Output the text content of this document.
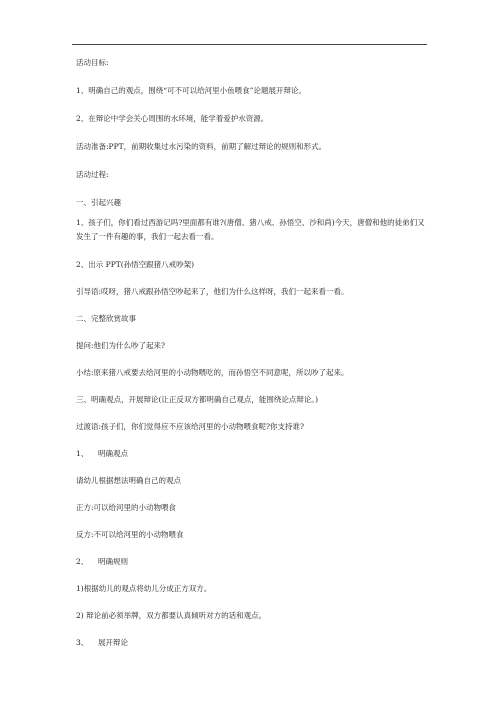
活动目标:
1、明确自己的观点，围绕“可不可以给河里小鱼喂食”论题展开辩论。
2、在辩论中学会关心周围的水环境，能学着爱护水资源。
活动准备:PPT，前期收集过水污染的资料，前期了解过辩论的规则和形式。
活动过程:
一、引起兴趣
1、孩子们，你们看过西游记吗?里面都有谁?(唐僧、猪八戒、孙悟空、沙和尚)今天，唐僧和他的徒弟们又发生了一件有趣的事，我们一起去看一看。
2、出示 PPT(孙悟空跟猪八戒吵架)
引导语:哎呀，猪八戒跟孙悟空吵起来了，他们为什么这样呀，我们一起来看一看。
二、完整欣赏故事
提问:他们为什么吵了起来?
小结:原来猪八戒要去给河里的小动物喂吃的，而孙悟空不同意呢，所以吵了起来。
三、明确观点，开展辩论(让正反双方都明确自己观点，能围绕论点辩论。)
过渡语:孩子们，你们觉得应不应该给河里的小动物喂食呢?你支持谁?
1、 明确观点
请幼儿根据想法明确自己的观点
正方:可以给河里的小动物喂食
反方:不可以给河里的小动物喂食
2、 明确规则
1)根据幼儿的观点将幼儿分成正方双方。
2) 辩论前必须举牌，双方都要认真倾听对方的话和观点。
3、 展开辩论
